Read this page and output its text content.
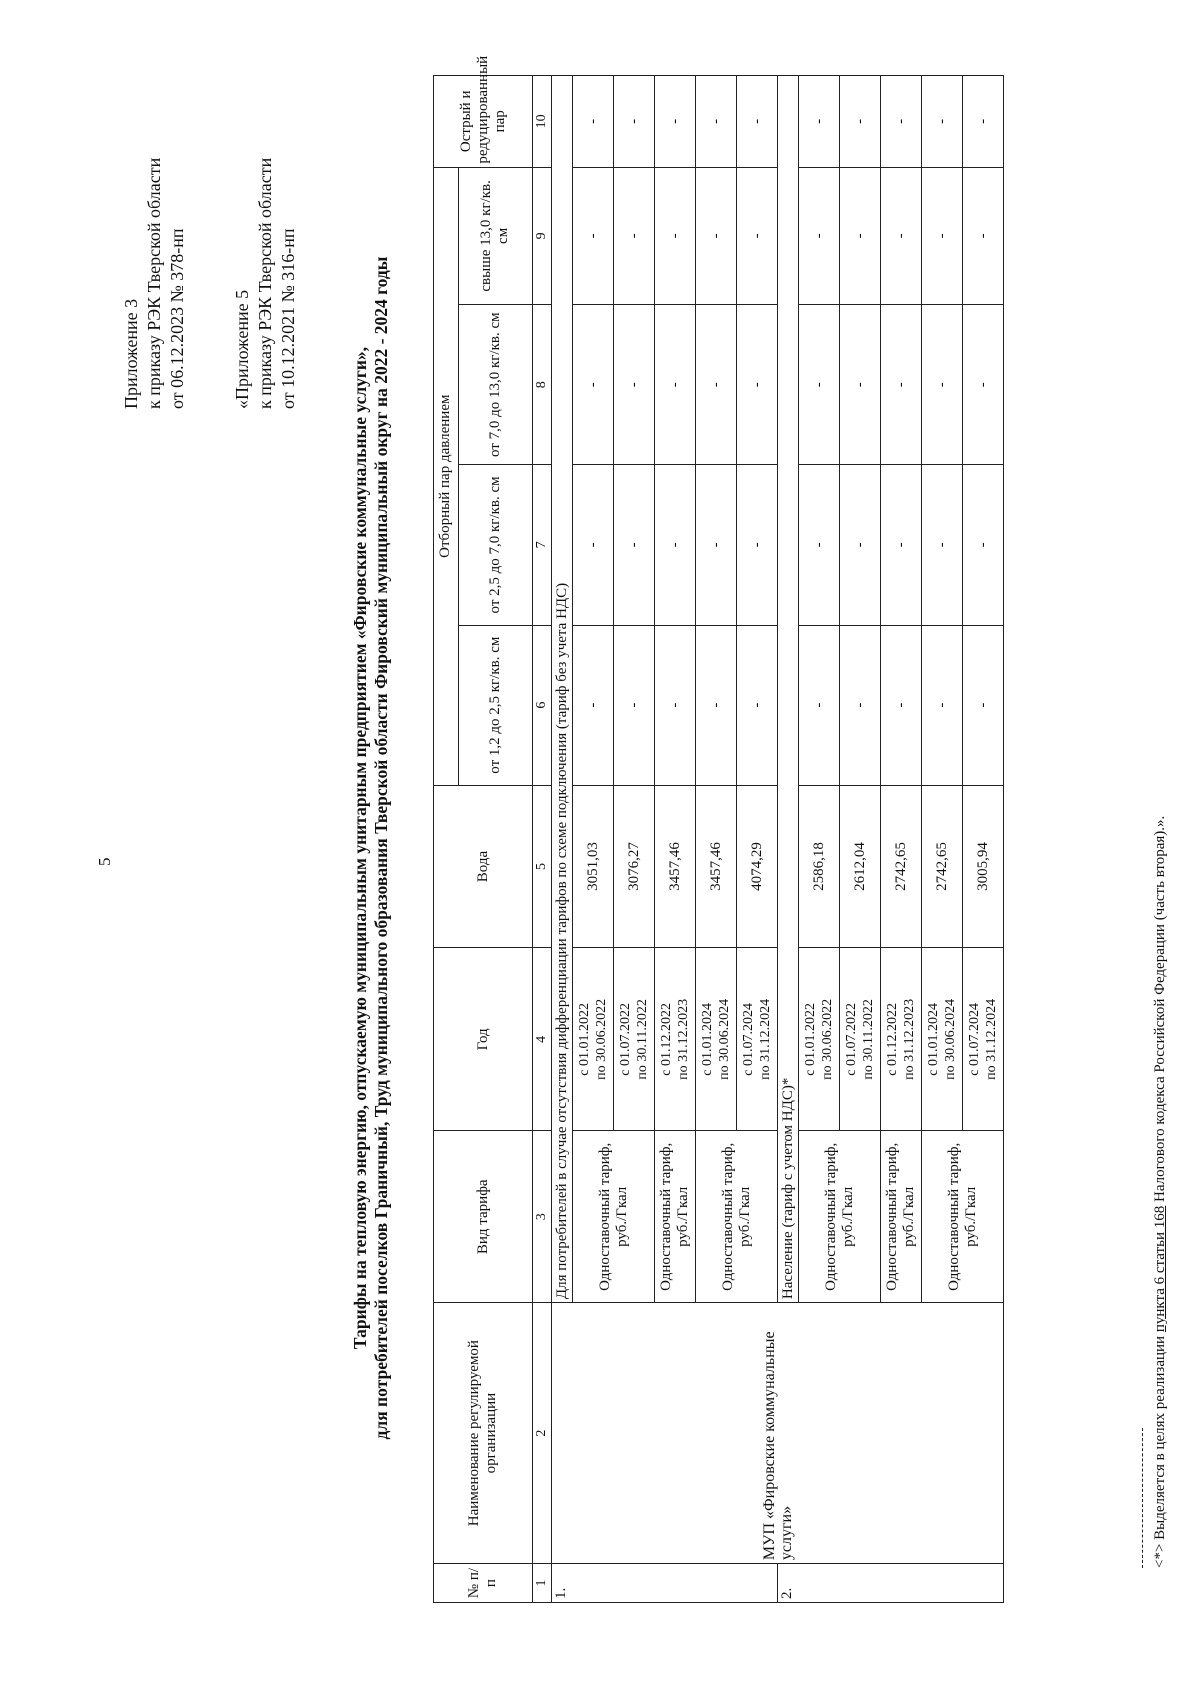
5
Приложение 3 к приказу РЭК Тверской области от 06.12.2023 № 378-нп	«Приложение 5 к приказу РЭК Тверской области от 10.12.2021 № 316-нп
Тарифы на тепловую энергию, отпускаемую муниципальным унитарным предприятием «Фировские коммунальные услуги», для потребителей поселков Граничный, Труд муниципального образования Тверской области Фировский муниципальный округ на 2022 - 2024 годы
№ п/п	Наименование регулируемой организации	Вид тарифа	Год	Вода	Отборный пар давлением				Острый и редуцированный пар
					от 1,2 до 2,5 кг/кв. см	от 2,5 до 7,0 кг/кв. см	от 7,0 до 13,0 кг/кв. см	свыше 13,0 кг/кв. см	
1	2	3	4	5	6	7	8	9	10
1.	МУП «Фировские коммунальные услуги»	Для потребителей в случае отсутствия дифференциации тарифов по схеме подключения (тариф без учета НДС)							
		Одноставочный тариф, руб./Гкал	с 01.01.2022 по 30.06.2022	3051,03	-	-	-	-	-
			с 01.07.2022 по 30.11.2022	3076,27	-	-	-	-	-
		Одноставочный тариф, руб./Гкал	с 01.12.2022 по 31.12.2023	3457,46	-	-	-	-	-
		Одноставочный тариф, руб./Гкал	с 01.01.2024 по 30.06.2024	3457,46	-	-	-	-	-
			с 01.07.2024 по 31.12.2024	4074,29	-	-	-	-	-
2.		Население (тариф с учетом НДС)*							
		Одноставочный тариф, руб./Гкал	с 01.01.2022 по 30.06.2022	2586,18	-	-	-	-	-
			с 01.07.2022 по 30.11.2022	2612,04	-	-	-	-	-
		Одноставочный тариф, руб./Гкал	с 01.12.2022 по 31.12.2023	2742,65	-	-	-	-	-
		Одноставочный тариф, руб./Гкал	с 01.01.2024 по 30.06.2024	2742,65	-	-	-	-	-
			с 01.07.2024 по 31.12.2024	3005,94	-	-	-	-	-
<*> Выделяется в целях реализации пункта 6 статьи 168 Налогового кодекса Российской Федерации (часть вторая).».
